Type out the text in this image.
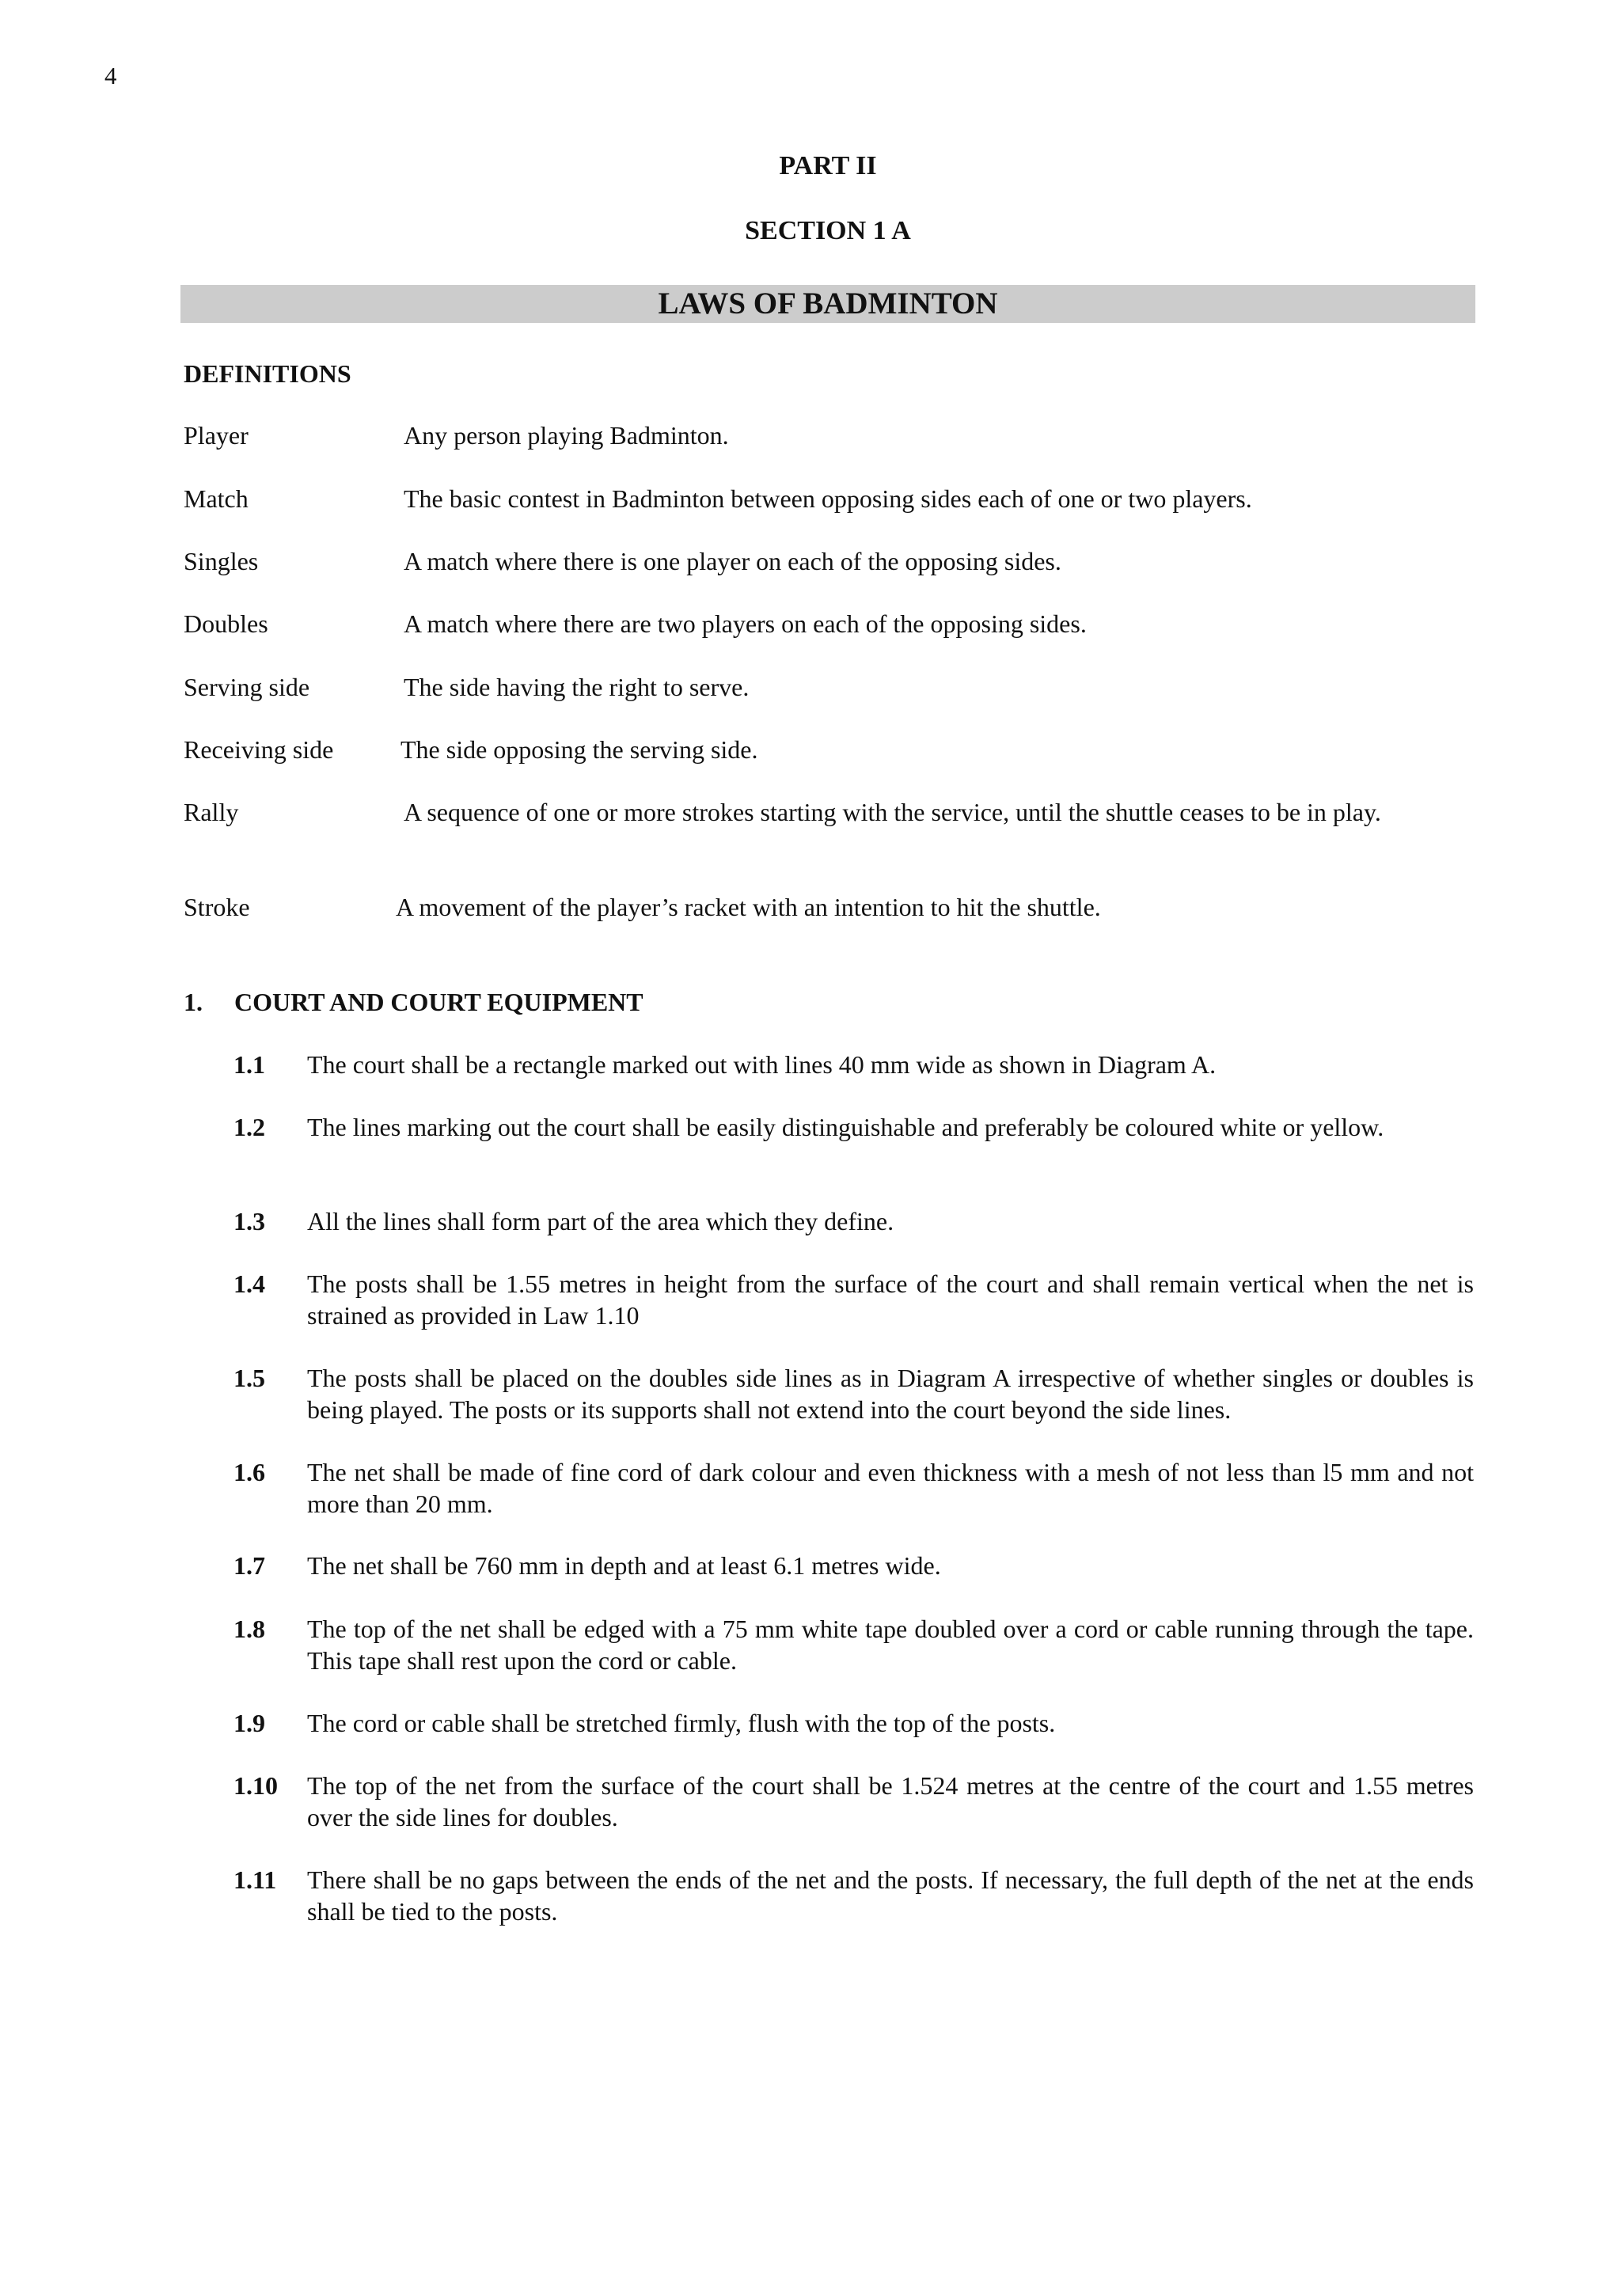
4
PART II
SECTION 1 A
LAWS OF BADMINTON
DEFINITIONS
Player	Any person playing Badminton.
Match	The basic contest in Badminton between opposing sides each of one or two players.
Singles	A match where there is one player on each of the opposing sides.
Doubles	A match where there are two players on each of the opposing sides.
Serving side	The side having the right to serve.
Receiving side	The side opposing the serving side.
Rally	A sequence of one or more strokes starting with the service, until the shuttle ceases to be in play.
Stroke	A movement of the player’s racket with an intention to hit the shuttle.
1. COURT AND COURT EQUIPMENT
1.1 The court shall be a rectangle marked out with lines 40 mm wide as shown in Diagram A.
1.2 The lines marking out the court shall be easily distinguishable and preferably be coloured white or yellow.
1.3 All the lines shall form part of the area which they define.
1.4 The posts shall be 1.55 metres in height from the surface of the court and shall remain vertical when the net is strained as provided in Law 1.10
1.5 The posts shall be placed on the doubles side lines as in Diagram A irrespective of whether singles or doubles is being played. The posts or its supports shall not extend into the court beyond the side lines.
1.6 The net shall be made of fine cord of dark colour and even thickness with a mesh of not less than l5 mm and not more than 20 mm.
1.7 The net shall be 760 mm in depth and at least 6.1 metres wide.
1.8 The top of the net shall be edged with a 75 mm white tape doubled over a cord or cable running through the tape. This tape shall rest upon the cord or cable.
1.9 The cord or cable shall be stretched firmly, flush with the top of the posts.
1.10 The top of the net from the surface of the court shall be 1.524 metres at the centre of the court and 1.55 metres over the side lines for doubles.
1.11 There shall be no gaps between the ends of the net and the posts. If necessary, the full depth of the net at the ends shall be tied to the posts.
